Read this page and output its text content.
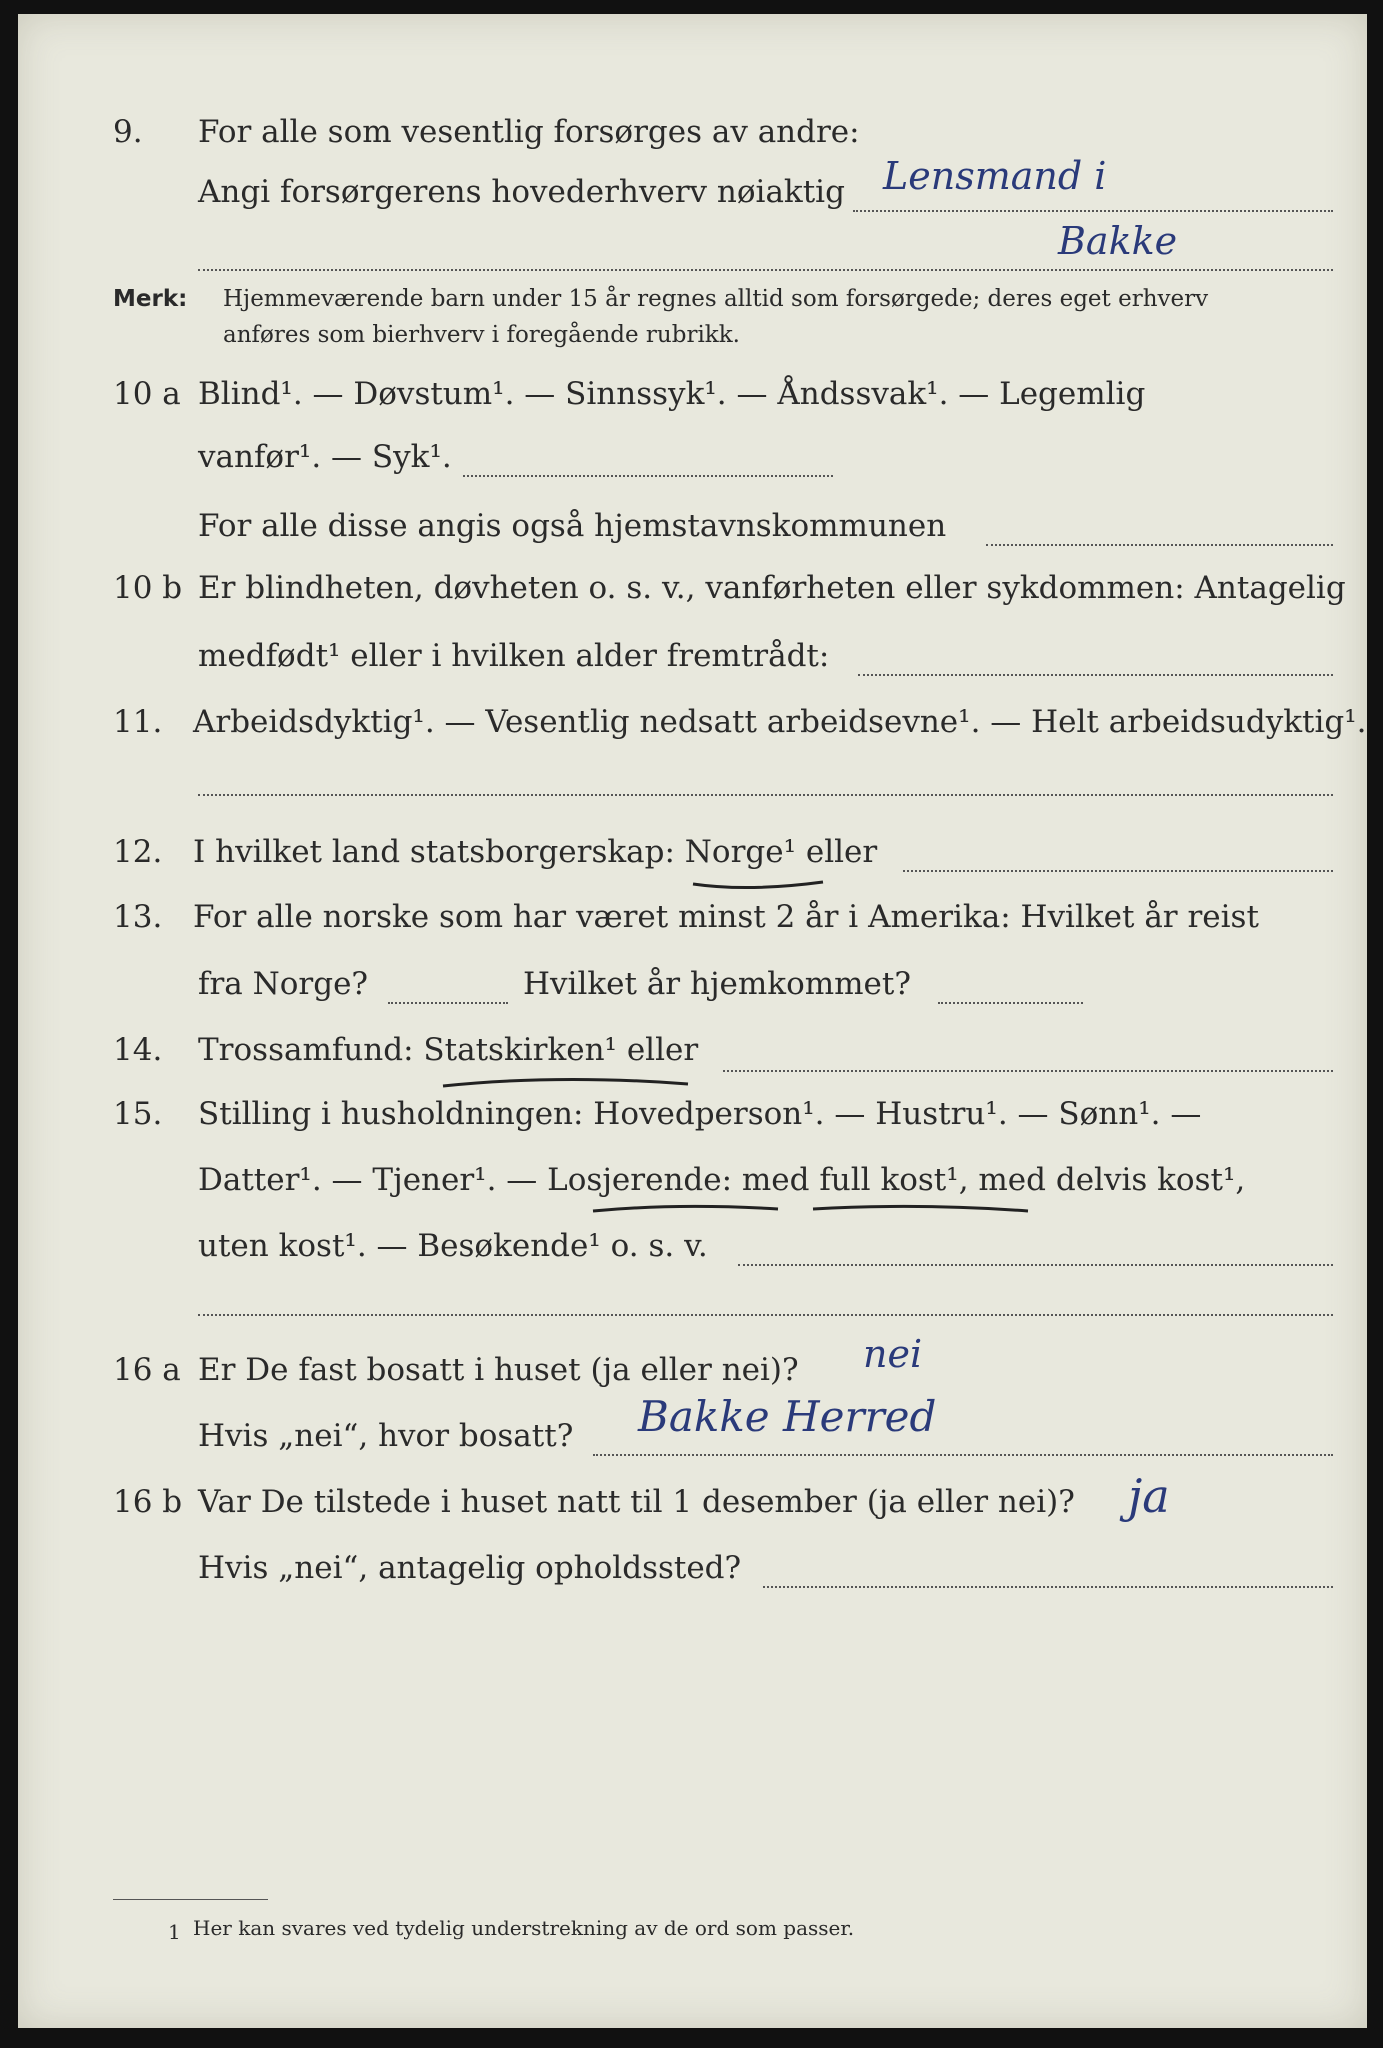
9. For alle som vesentlig forsørges av andre:
Angi forsørgerens hovederhverv nøiaktig Lensmand i
Bakke
Merk: Hjemmeværende barn under 15 år regnes alltid som forsørgede; deres eget erhverv
anføres som bierhverv i foregående rubrikk.
10 a Blind¹. — Døvstum¹. — Sinnssyk¹. — Åndssvak¹. — Legemlig
vanfør¹. — Syk¹.
For alle disse angis også hjemstavnskommunen
10 b Er blindheten, døvheten o. s. v., vanførheten eller sykdommen: Antagelig
medfødt¹ eller i hvilken alder fremtrådt:
11. Arbeidsdyktig¹. — Vesentlig nedsatt arbeidsevne¹. — Helt arbeidsudyktig¹.
12. I hvilket land statsborgerskap: Norge¹ eller
13. For alle norske som har været minst 2 år i Amerika: Hvilket år reist
fra Norge?	Hvilket år hjemkommet?
14. Trossamfund: Statskirken¹ eller
15. Stilling i husholdningen: Hovedperson¹. — Hustru¹. — Sønn¹. —
Datter¹. — Tjener¹. — Losjerende: med full kost¹, med delvis kost¹,
uten kost¹. — Besøkende¹ o. s. v.
16 a Er De fast bosatt i huset (ja eller nei)? nei
Hvis „nei“, hvor bosatt? Bakke Herred
16 b Var De tilstede i huset natt til 1 desember (ja eller nei)? ja
Hvis „nei“, antagelig opholdssted?
1 Her kan svares ved tydelig understrekning av de ord som passer.
